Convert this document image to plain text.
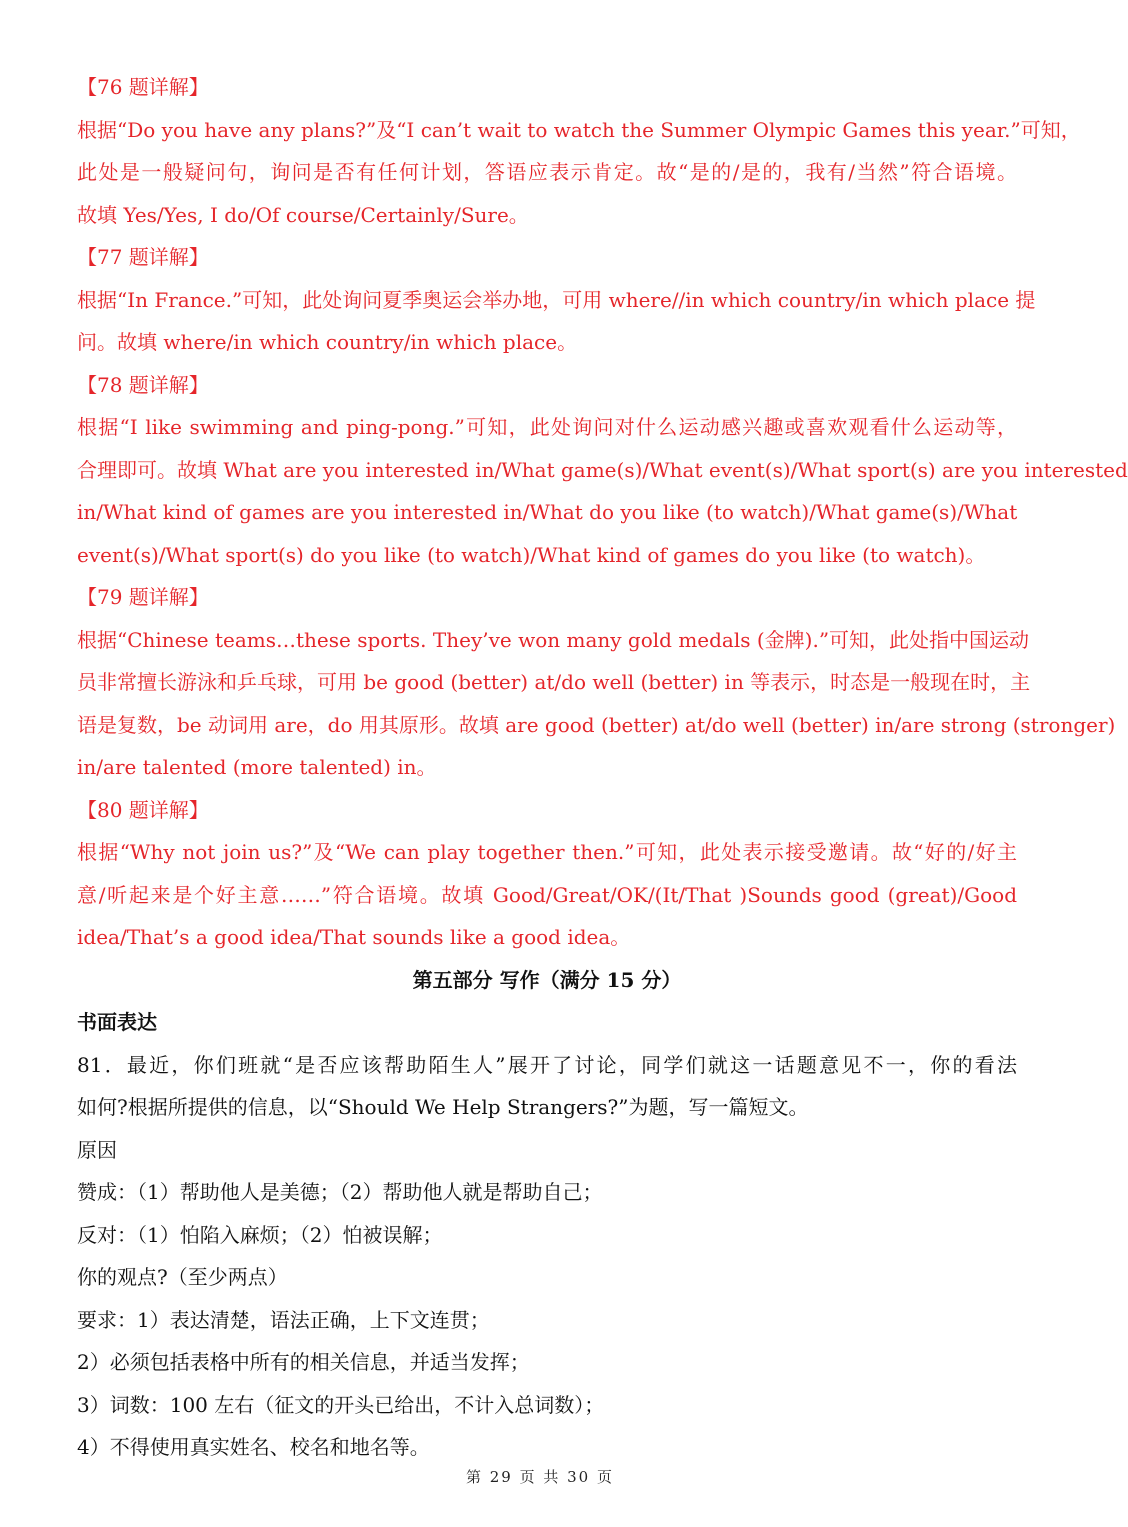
【76 题详解】
根据“Do you have any plans?”及“I can’t wait to watch the Summer Olympic Games this year.”可知，
此处是一般疑问句，询问是否有任何计划，答语应表示肯定。故“是的/是的，我有/当然”符合语境。
故填 Yes/Yes, I do/Of course/Certainly/Sure。
【77 题详解】
根据“In France.”可知，此处询问夏季奥运会举办地，可用 where//in which country/in which place 提
问。故填 where/in which country/in which place。
【78 题详解】
根据“I like swimming and ping-pong.”可知，此处询问对什么运动感兴趣或喜欢观看什么运动等，
合理即可。故填 What are you interested in/What game(s)/What event(s)/What sport(s) are you interested
in/What kind of games are you interested in/What do you like (to watch)/What game(s)/What
event(s)/What sport(s) do you like (to watch)/What kind of games do you like (to watch)。
【79 题详解】
根据“Chinese teams…these sports. They’ve won many gold medals (金牌).”可知，此处指中国运动
员非常擅长游泳和乒乓球，可用 be good (better) at/do well (better) in 等表示，时态是一般现在时，主
语是复数，be 动词用 are，do 用其原形。故填 are good (better) at/do well (better) in/are strong (stronger)
in/are talented (more talented) in。
【80 题详解】
根据“Why not join us?”及“We can play together then.”可知，此处表示接受邀请。故“好的/好主
意/听起来是个好主意……”符合语境。故填 Good/Great/OK/(It/That )Sounds good (great)/Good
idea/That’s a good idea/That sounds like a good idea。
第五部分 写作（满分 15 分）
书面表达
81．最近，你们班就“是否应该帮助陌生人”展开了讨论，同学们就这一话题意见不一，你的看法
如何?根据所提供的信息，以“Should We Help Strangers?”为题，写一篇短文。
原因
赞成：（1）帮助他人是美德；（2）帮助他人就是帮助自己；
反对：（1）怕陷入麻烦；（2）怕被误解；
你的观点?（至少两点）
要求：1）表达清楚，语法正确，上下文连贯；
2）必须包括表格中所有的相关信息，并适当发挥；
3）词数：100 左右（征文的开头已给出，不计入总词数）；
4）不得使用真实姓名、校名和地名等。
第 29 页 共 30 页
